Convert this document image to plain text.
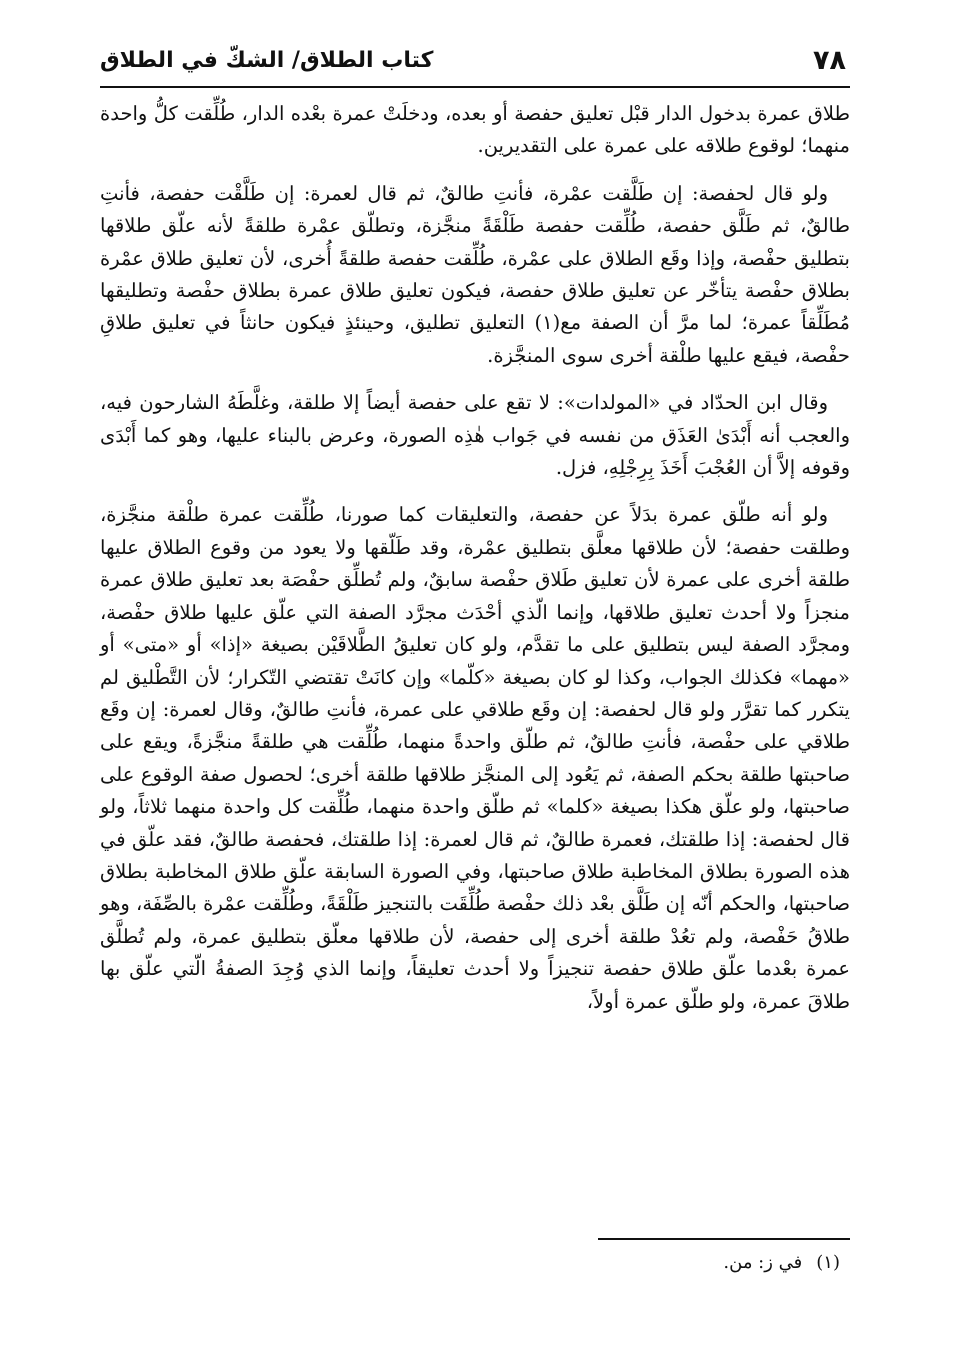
٧٨
كتاب الطلاق/ الشكّ في الطلاق

طلاق عمرة بدخول الدار قبْل تعليق حفصة أو بعده، ودخلَتْ عمرة بعْده الدار، طُلِّقت كلُّ واحدة منهما؛ لوقوع طلاقه على عمرة على التقديرين.

ولو قال لحفصة: إن طَلَّقت عمْرة، فأنتِ طالقٌ، ثم قال لعمرة: إن طَلَّقْت حفصة، فأنتِ طالقٌ، ثم طَلَّق حفصة، طُلِّقت حفصة طَلْقَةً منجَّزة، وتطلّق عمْرة طلقةً لأنه علّق طلاقها بتطليق حفْصة، وإذا وقَع الطلاق على عمْرة، طُلِّقت حفصة طلقةً أُخرى، لأن تعليق طلاق عمْرة بطلاق حفْصة يتأخّر عن تعليق طلاق حفصة، فيكون تعليق طلاق عمرة بطلاق حفْصة وتطليقها مُطَلِّقاً عمرة؛ لما مرَّ أن الصفة مع(١) التعليق تطليق، وحينئذٍ فيكون حانثاً في تعليق طلاقِ حفْصة، فيقع عليها طلْقة أخرى سوى المنجَّزة.

وقال ابن الحدّاد في «المولدات»: لا تقع على حفصة أيضاً إلا طلقة، وغلَّطَهُ الشارحون فيه، والعجب أنه أَبْدَىٰ العَذَق من نفسه في جَواب هٰذِه الصورة، وعرض بالبناء عليها، وهو كما أَبْدَى وقوفه إلاَّ أن العُجْبَ أَخَذَ بِرِجْلِهِ، فزل.

ولو أنه طلّق عمرة بدَلاً عن حفصة، والتعليقات كما صورنا، طُلِّقت عمرة طلْقة منجَّزة، وطلقت حفصة؛ لأن طلاقها معلَّق بتطليق عمْرة، وقد طَلّقها ولا يعود من وقوع الطلاق عليها طلقة أخرى على عمرة لأن تعليق طَلاق حفْصة سابقٌ، ولم تُطلِّق حفْصَة بعد تعليق طلاق عمرة منجزاً ولا أحدث تعليق طلاقها، وإنما الّذي أحْدَث مجرَّد الصفة التي علّق عليها طلاق حفْصة، ومجرَّد الصفة ليس بتطليق على ما تقدَّم، ولو كان تعليقُ الطَّلاقَيْن بصيغة «إذا» أو «متى» أو «مهما» فكذلك الجواب، وكذا لو كان بصيغة «كلّما» وإن كانَتْ تقتضي التّكرار؛ لأن التَّطْليق لم يتكرر كما تقرَّر ولو قال لحفصة: إن وقَع طلاقي على عمرة، فأنتِ طالقٌ، وقال لعمرة: إن وقَع طلاقي على حفْصة، فأنتِ طالقٌ، ثم طلّق واحدةً منهما، طُلِّقت هي طلقةً منجَّزةً، ويقع على صاحبتها طلقة بحكم الصفة، ثم يَعُود إلى المنجَّز طلاقها طلقة أخرى؛ لحصول صفة الوقوع على صاحبتها، ولو علّق هكذا بصيغة «كلما» ثم طلّق واحدة منهما، طُلِّقت كل واحدة منهما ثلاثاً، ولو قال لحفصة: إذا طلقتك، فعمرة طالقٌ، ثم قال لعمرة: إذا طلقتك، فحفصة طالقٌ، فقد علّق في هذه الصورة بطلاق المخاطبة طلاق صاحبتها، وفي الصورة السابقة علّق طلاق المخاطبة بطلاق صاحبتها، والحكم أنّه إن طَلَّق بعْد ذلك حفْصة طُلِّقَت بالتنجيز طَلْقَةً، وطُلِّقت عمْرة بالصِّفَة، وهو طلاقُ حَفْصة، ولم تعُدْ طلقة أخرى إلى حفصة، لأن طلاقها معلّق بتطليق عمرة، ولم تُطلَّق عمرة بعْدما علّق طلاق حفصة تنجيزاً ولا أحدث تعليقاً، وإنما الذي وُجِدَ الصفةُ الّتي علّق بها طلاقَ عمرة، ولو طلّق عمرة أولاً،

(١)
في ز: من.
